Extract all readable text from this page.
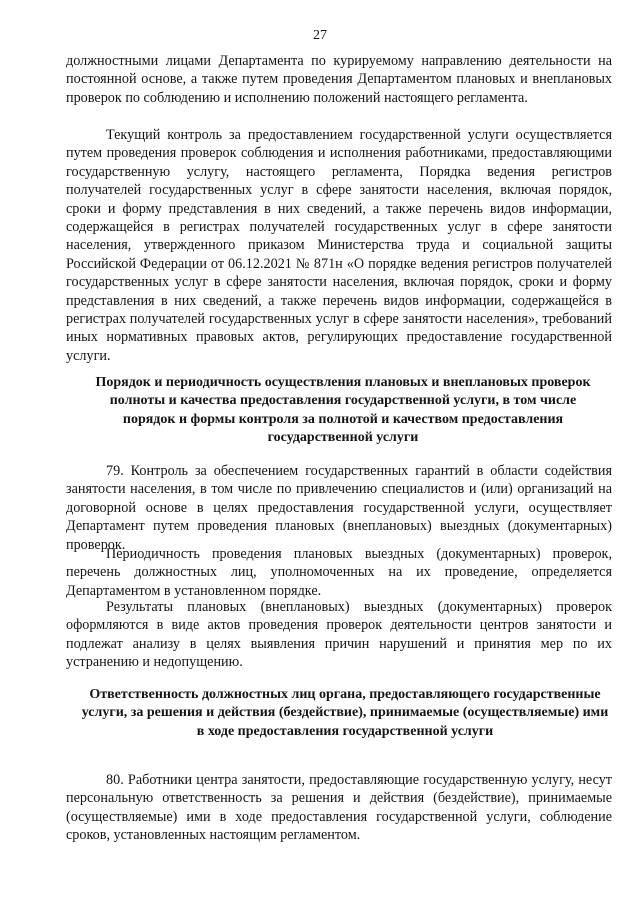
27

должностными лицами Департамента по курируемому направлению деятельности на постоянной основе, а также путем проведения Департаментом плановых и внеплановых проверок по соблюдению и исполнению положений настоящего регламента.

Текущий контроль за предоставлением государственной услуги осуществляется путем проведения проверок соблюдения и исполнения работниками, предоставляющими государственную услугу, настоящего регламента, Порядка ведения регистров получателей государственных услуг в сфере занятости населения, включая порядок, сроки и форму представления в них сведений, а также перечень видов информации, содержащейся в регистрах получателей государственных услуг в сфере занятости населения, утвержденного приказом Министерства труда и социальной защиты Российской Федерации от 06.12.2021 № 871н «О порядке ведения регистров получателей государственных услуг в сфере занятости населения, включая порядок, сроки и форму представления в них сведений, а также перечень видов информации, содержащейся в регистрах получателей государственных услуг в сфере занятости населения», требований иных нормативных правовых актов, регулирующих предоставление государственной услуги.

Порядок и периодичность осуществления плановых и внеплановых проверок полноты и качества предоставления государственной услуги, в том числе порядок и формы контроля за полнотой и качеством предоставления государственной услуги

79. Контроль за обеспечением государственных гарантий в области содействия занятости населения, в том числе по привлечению специалистов и (или) организаций на договорной основе в целях предоставления государственной услуги, осуществляет Департамент путем проведения плановых (внеплановых) выездных (документарных) проверок.

Периодичность проведения плановых выездных (документарных) проверок, перечень должностных лиц, уполномоченных на их проведение, определяется Департаментом в установленном порядке.

Результаты плановых (внеплановых) выездных (документарных) проверок оформляются в виде актов проведения проверок деятельности центров занятости и подлежат анализу в целях выявления причин нарушений и принятия мер по их устранению и недопущению.

Ответственность должностных лиц органа, предоставляющего государственные услуги, за решения и действия (бездействие), принимаемые (осуществляемые) ими в ходе предоставления государственной услуги

80. Работники центра занятости, предоставляющие государственную услугу, несут персональную ответственность за решения и действия (бездействие), принимаемые (осуществляемые) ими в ходе предоставления государственной услуги, соблюдение сроков, установленных настоящим регламентом.
